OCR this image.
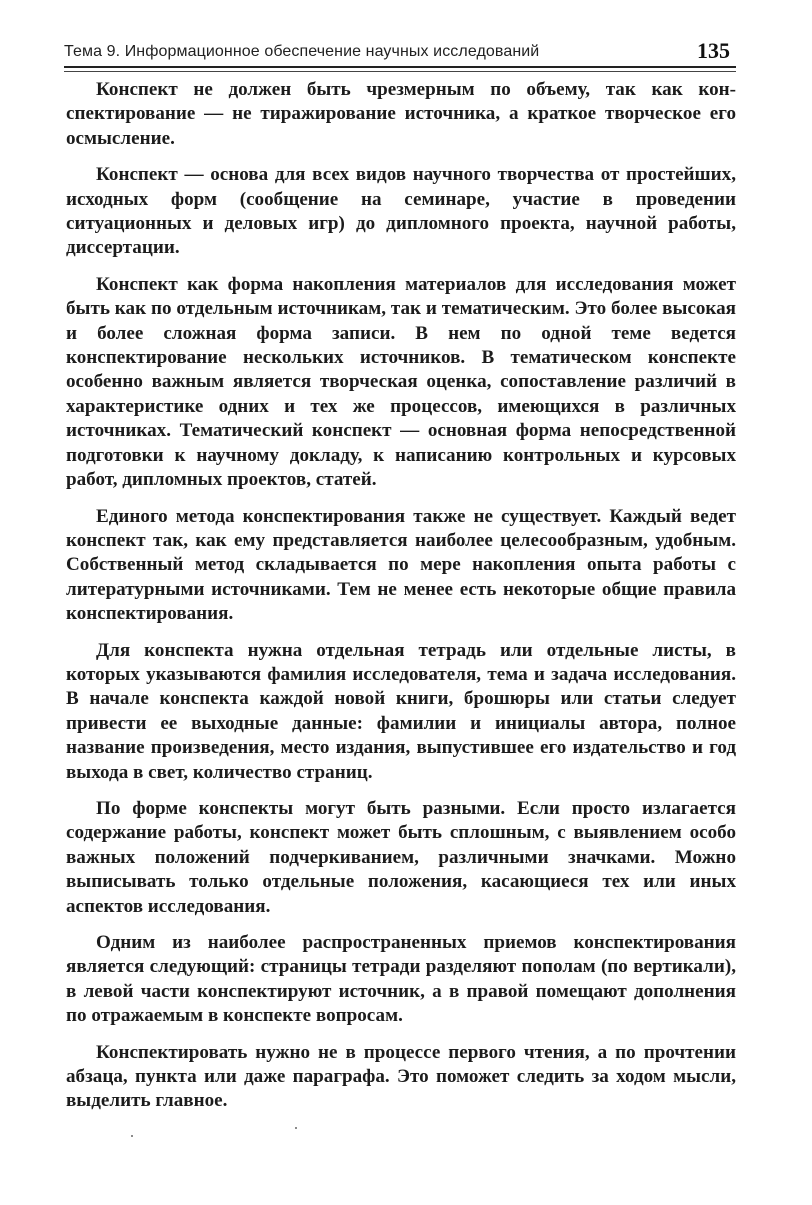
Тема 9. Информационное обеспечение научных исследований	135

Конспект не должен быть чрезмерным по объему, так как конспектирование — не тиражирование источника, а краткое творческое его осмысление.

Конспект — основа для всех видов научного творчества от простейших, исходных форм (сообщение на семинаре, участие в проведении ситуационных и деловых игр) до дипломного проекта, научной работы, диссертации.

Конспект как форма накопления материалов для исследования может быть как по отдельным источникам, так и тематическим. Это более высокая и более сложная форма записи. В нем по одной теме ведется конспектирование нескольких источников. В тематическом конспекте особенно важным является творческая оценка, сопоставление различий в характеристике одних и тех же процессов, имеющихся в различных источниках. Тематический конспект — основная форма непосредственной подготовки к научному докладу, к написанию контрольных и курсовых работ, дипломных проектов, статей.

Единого метода конспектирования также не существует. Каждый ведет конспект так, как ему представляется наиболее целесообразным, удобным. Собственный метод складывается по мере накопления опыта работы с литературными источниками. Тем не менее есть некоторые общие правила конспектирования.

Для конспекта нужна отдельная тетрадь или отдельные листы, в которых указываются фамилия исследователя, тема и задача исследования. В начале конспекта каждой новой книги, брошюры или статьи следует привести ее выходные данные: фамилии и инициалы автора, полное название произведения, место издания, выпустившее его издательство и год выхода в свет, количество страниц.

По форме конспекты могут быть разными. Если просто излагается содержание работы, конспект может быть сплошным, с выявлением особо важных положений подчеркиванием, различными значками. Можно выписывать только отдельные положения, касающиеся тех или иных аспектов исследования.

Одним из наиболее распространенных приемов конспектирования является следующий: страницы тетради разделяют пополам (по вертикали), в левой части конспектируют источник, а в правой помещают дополнения по отражаемым в конспекте вопросам.

Конспектировать нужно не в процессе первого чтения, а по прочтении абзаца, пункта или даже параграфа. Это поможет следить за ходом мысли, выделить главное.
